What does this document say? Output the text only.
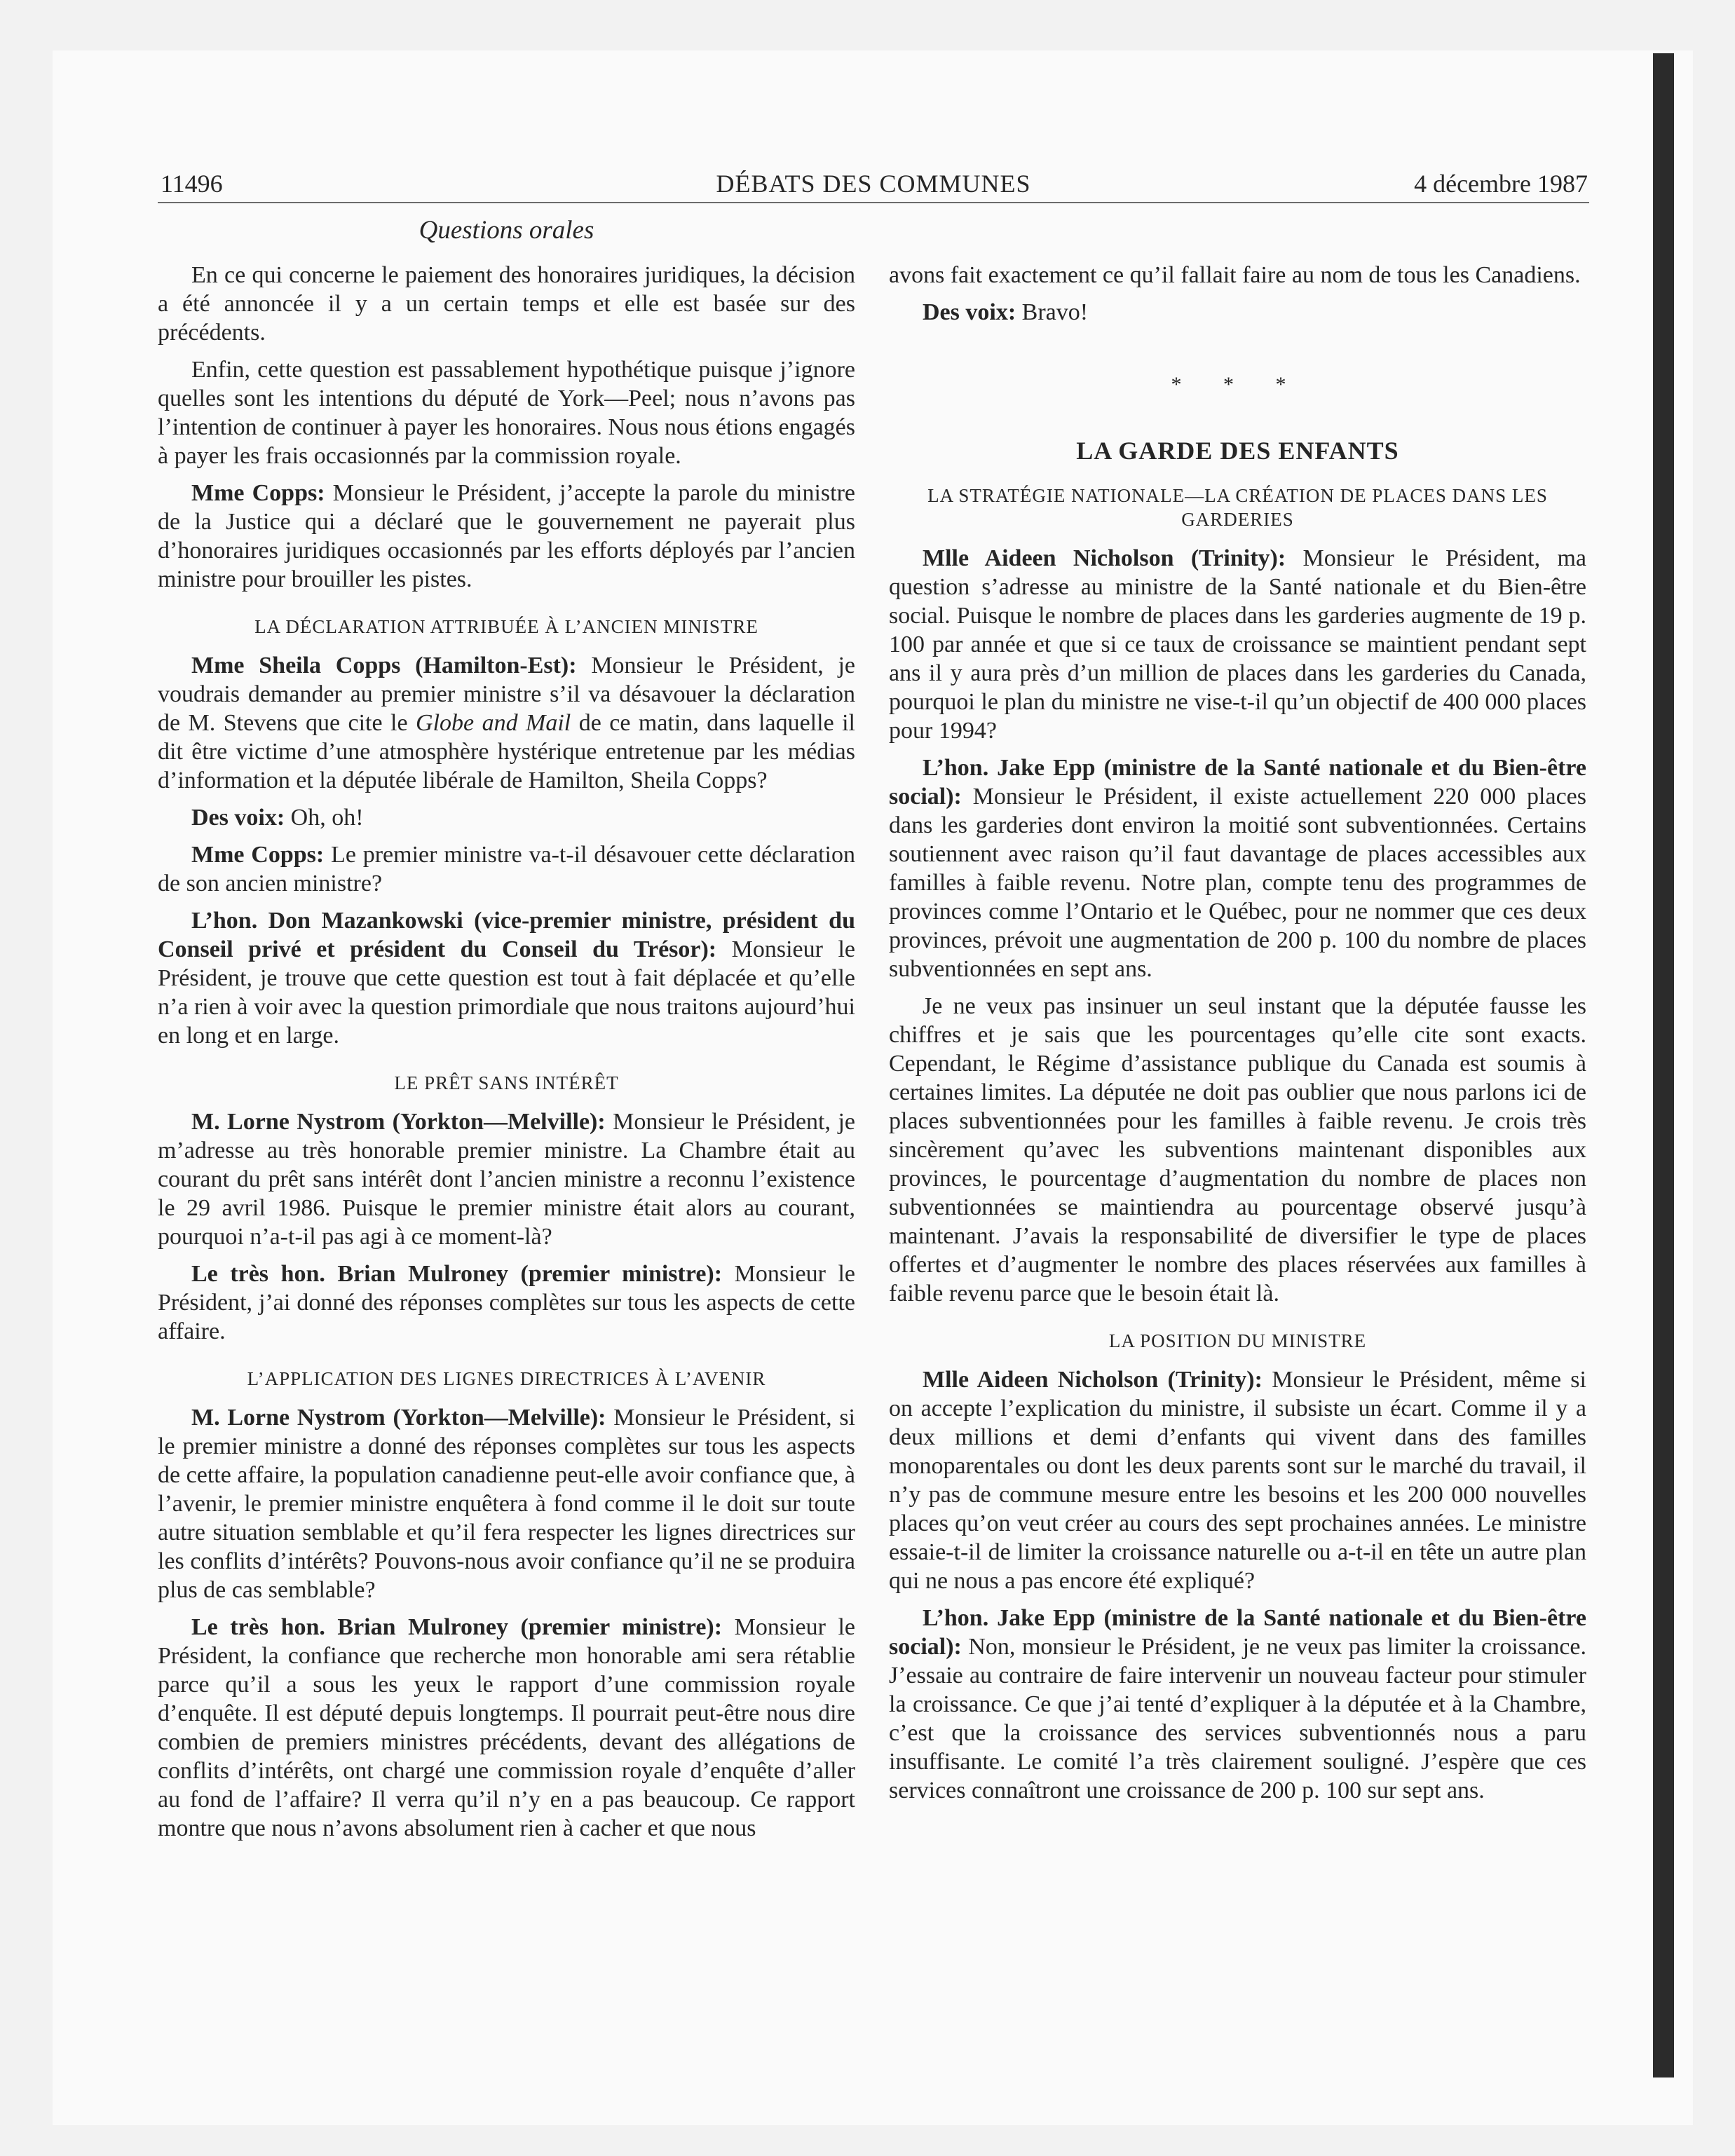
11496	DÉBATS DES COMMUNES	4 décembre 1987
Questions orales

En ce qui concerne le paiement des honoraires juridiques, la décision a été annoncée il y a un certain temps et elle est basée sur des précédents.

Enfin, cette question est passablement hypothétique puisque j’ignore quelles sont les intentions du député de York—Peel; nous n’avons pas l’intention de continuer à payer les honoraires. Nous nous étions engagés à payer les frais occasionnés par la commission royale.

Mme Copps: Monsieur le Président, j’accepte la parole du ministre de la Justice qui a déclaré que le gouvernement ne payerait plus d’honoraires juridiques occasionnés par les efforts déployés par l’ancien ministre pour brouiller les pistes.

LA DÉCLARATION ATTRIBUÉE À L’ANCIEN MINISTRE

Mme Sheila Copps (Hamilton-Est): Monsieur le Président, je voudrais demander au premier ministre s’il va désavouer la déclaration de M. Stevens que cite le Globe and Mail de ce matin, dans laquelle il dit être victime d’une atmosphère hystérique entretenue par les médias d’information et la députée libérale de Hamilton, Sheila Copps?

Des voix: Oh, oh!

Mme Copps: Le premier ministre va-t-il désavouer cette déclaration de son ancien ministre?

L’hon. Don Mazankowski (vice-premier ministre, président du Conseil privé et président du Conseil du Trésor): Monsieur le Président, je trouve que cette question est tout à fait déplacée et qu’elle n’a rien à voir avec la question primordiale que nous traitons aujourd’hui en long et en large.

LE PRÊT SANS INTÉRÊT

M. Lorne Nystrom (Yorkton—Melville): Monsieur le Président, je m’adresse au très honorable premier ministre. La Chambre était au courant du prêt sans intérêt dont l’ancien ministre a reconnu l’existence le 29 avril 1986. Puisque le premier ministre était alors au courant, pourquoi n’a-t-il pas agi à ce moment-là?

Le très hon. Brian Mulroney (premier ministre): Monsieur le Président, j’ai donné des réponses complètes sur tous les aspects de cette affaire.

L’APPLICATION DES LIGNES DIRECTRICES À L’AVENIR

M. Lorne Nystrom (Yorkton—Melville): Monsieur le Président, si le premier ministre a donné des réponses complètes sur tous les aspects de cette affaire, la population canadienne peut-elle avoir confiance que, à l’avenir, le premier ministre enquêtera à fond comme il le doit sur toute autre situation semblable et qu’il fera respecter les lignes directrices sur les conflits d’intérêts? Pouvons-nous avoir confiance qu’il ne se produira plus de cas semblable?

Le très hon. Brian Mulroney (premier ministre): Monsieur le Président, la confiance que recherche mon honorable ami sera rétablie parce qu’il a sous les yeux le rapport d’une commission royale d’enquête. Il est député depuis longtemps. Il pourrait peut-être nous dire combien de premiers ministres précédents, devant des allégations de conflits d’intérêts, ont chargé une commission royale d’enquête d’aller au fond de l’affaire? Il verra qu’il n’y en a pas beaucoup. Ce rapport montre que nous n’avons absolument rien à cacher et que nous

avons fait exactement ce qu’il fallait faire au nom de tous les Canadiens.

Des voix: Bravo!

* * *
LA GARDE DES ENFANTS
LA STRATÉGIE NATIONALE—LA CRÉATION DE PLACES DANS LES GARDERIES

Mlle Aideen Nicholson (Trinity): Monsieur le Président, ma question s’adresse au ministre de la Santé nationale et du Bien-être social. Puisque le nombre de places dans les garderies augmente de 19 p. 100 par année et que si ce taux de croissance se maintient pendant sept ans il y aura près d’un million de places dans les garderies du Canada, pourquoi le plan du ministre ne vise-t-il qu’un objectif de 400 000 places pour 1994?

L’hon. Jake Epp (ministre de la Santé nationale et du Bien-être social): Monsieur le Président, il existe actuellement 220 000 places dans les garderies dont environ la moitié sont subventionnées. Certains soutiennent avec raison qu’il faut davantage de places accessibles aux familles à faible revenu. Notre plan, compte tenu des programmes de provinces comme l’Ontario et le Québec, pour ne nommer que ces deux provinces, prévoit une augmentation de 200 p. 100 du nombre de places subventionnées en sept ans.

Je ne veux pas insinuer un seul instant que la députée fausse les chiffres et je sais que les pourcentages qu’elle cite sont exacts. Cependant, le Régime d’assistance publique du Canada est soumis à certaines limites. La députée ne doit pas oublier que nous parlons ici de places subventionnées pour les familles à faible revenu. Je crois très sincèrement qu’avec les subventions maintenant disponibles aux provinces, le pourcentage d’augmentation du nombre de places non subventionnées se maintiendra au pourcentage observé jusqu’à maintenant. J’avais la responsabilité de diversifier le type de places offertes et d’augmenter le nombre des places réservées aux familles à faible revenu parce que le besoin était là.

LA POSITION DU MINISTRE

Mlle Aideen Nicholson (Trinity): Monsieur le Président, même si on accepte l’explication du ministre, il subsiste un écart. Comme il y a deux millions et demi d’enfants qui vivent dans des familles monoparentales ou dont les deux parents sont sur le marché du travail, il n’y pas de commune mesure entre les besoins et les 200 000 nouvelles places qu’on veut créer au cours des sept prochaines années. Le ministre essaie-t-il de limiter la croissance naturelle ou a-t-il en tête un autre plan qui ne nous a pas encore été expliqué?

L’hon. Jake Epp (ministre de la Santé nationale et du Bien-être social): Non, monsieur le Président, je ne veux pas limiter la croissance. J’essaie au contraire de faire intervenir un nouveau facteur pour stimuler la croissance. Ce que j’ai tenté d’expliquer à la députée et à la Chambre, c’est que la croissance des services subventionnés nous a paru insuffisante. Le comité l’a très clairement souligné. J’espère que ces services connaîtront une croissance de 200 p. 100 sur sept ans.
